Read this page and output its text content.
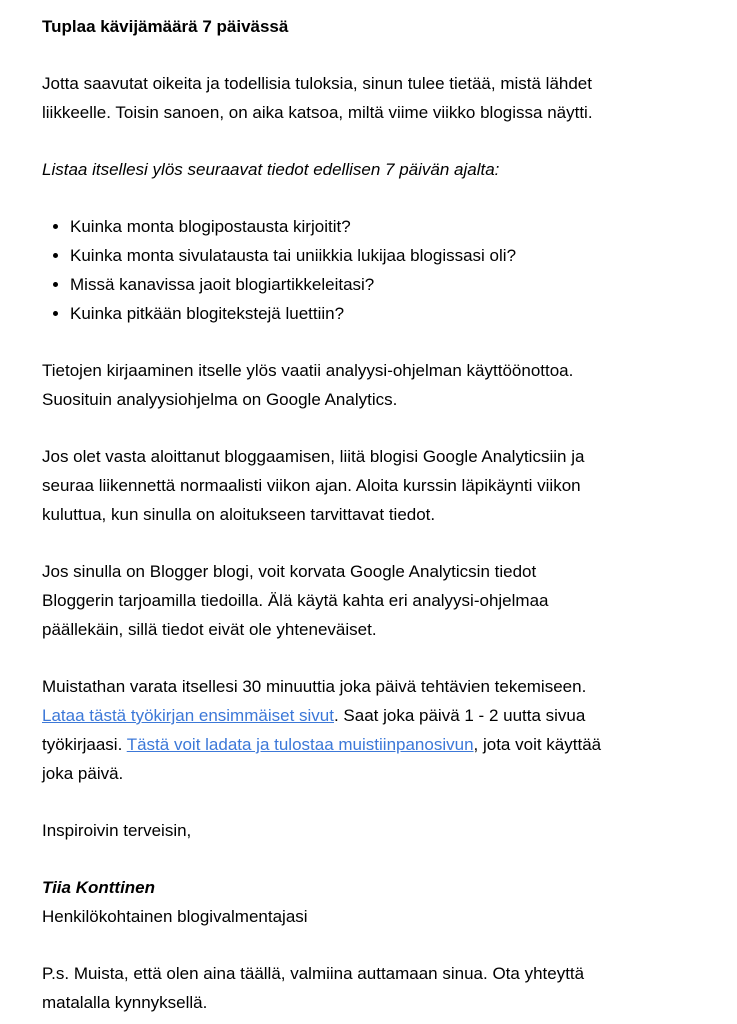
Tuplaa kävijämäärä 7 päivässä

Jotta saavutat oikeita ja todellisia tuloksia, sinun tulee tietää, mistä lähdet
liikkeelle. Toisin sanoen, on aika katsoa, miltä viime viikko blogissa näytti.

Listaa itsellesi ylös seuraavat tiedot edellisen 7 päivän ajalta:

• Kuinka monta blogipostausta kirjoitit?
• Kuinka monta sivulatausta tai uniikkia lukijaa blogissasi oli?
• Missä kanavissa jaoit blogiartikkeleitasi?
• Kuinka pitkään blogitekstejä luettiin?

Tietojen kirjaaminen itselle ylös vaatii analyysi-ohjelman käyttöönottoa.
Suosituin analyysiohjelma on Google Analytics.

Jos olet vasta aloittanut bloggaamisen, liitä blogisi Google Analyticsiin ja
seuraa liikennettä normaalisti viikon ajan. Aloita kurssin läpikäynti viikon
kuluttua, kun sinulla on aloitukseen tarvittavat tiedot.

Jos sinulla on Blogger blogi, voit korvata Google Analyticsin tiedot
Bloggerin tarjoamilla tiedoilla. Älä käytä kahta eri analyysi-ohjelmaa
päällekäin, sillä tiedot eivät ole yhteneväiset.

Muistathan varata itsellesi 30 minuuttia joka päivä tehtävien tekemiseen.
Lataa tästä työkirjan ensimmäiset sivut. Saat joka päivä 1 - 2 uutta sivua
työkirjaasi. Tästä voit ladata ja tulostaa muistiinpanosivun, jota voit käyttää
joka päivä.

Inspiroivin terveisin,

Tiia Konttinen

Henkilökohtainen blogivalmentajasi

P.s. Muista, että olen aina täällä, valmiina auttamaan sinua. Ota yhteyttä
matalalla kynnyksellä.
